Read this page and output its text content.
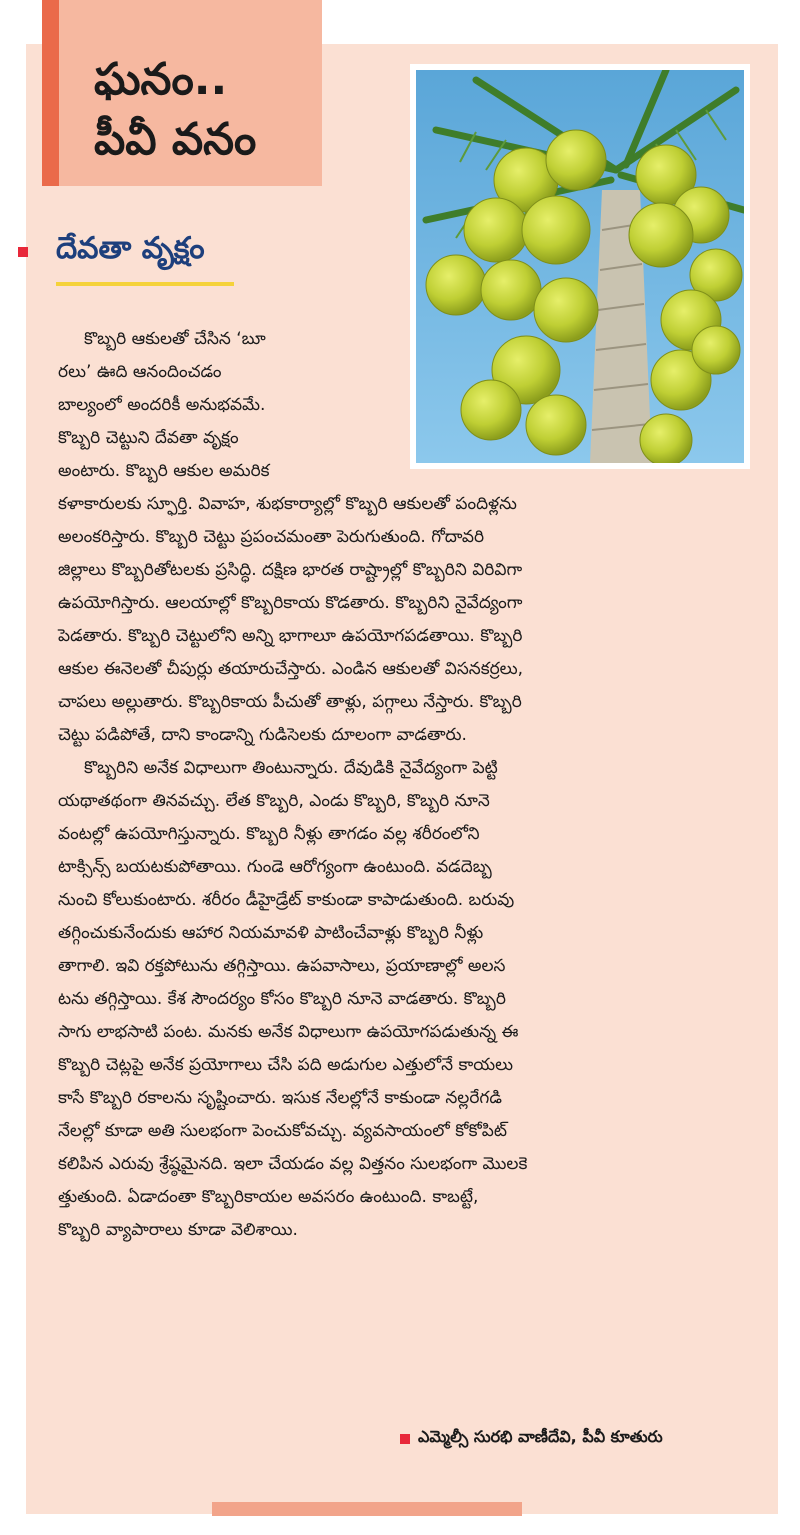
ఘనం..
పీవీ వనం
దేవతా వృక్షం
కొబ్బరి ఆకులతో చేసిన ‘బూ
రలు’ ఊది ఆనందించడం
బాల్యంలో అందరికీ అనుభవమే.
కొబ్బరి చెట్టుని దేవతా వృక్షం
అంటారు. కొబ్బరి ఆకుల అమరిక
కళాకారులకు స్ఫూర్తి. వివాహ, శుభకార్యాల్లో కొబ్బరి ఆకులతో పందిళ్లను
అలంకరిస్తారు. కొబ్బరి చెట్టు ప్రపంచమంతా పెరుగుతుంది. గోదావరి
జిల్లాలు కొబ్బరితోటలకు ప్రసిద్ధి. దక్షిణ భారత రాష్ట్రాల్లో కొబ్బరిని విరివిగా
ఉపయోగిస్తారు. ఆలయాల్లో కొబ్బరికాయ కొడతారు. కొబ్బరిని నైవేద్యంగా
పెడతారు. కొబ్బరి చెట్టులోని అన్ని భాగాలూ ఉపయోగపడతాయి. కొబ్బరి
ఆకుల ఈనెలతో చీపుర్లు తయారుచేస్తారు. ఎండిన ఆకులతో విసనకర్రలు,
చాపలు అల్లుతారు. కొబ్బరికాయ పీచుతో తాళ్లు, పగ్గాలు నేస్తారు. కొబ్బరి
చెట్టు పడిపోతే, దాని కాండాన్ని గుడిసెలకు దూలంగా వాడతారు.
కొబ్బరిని అనేక విధాలుగా తింటున్నారు. దేవుడికి నైవేద్యంగా పెట్టి
యథాతథంగా తినవచ్చు. లేత కొబ్బరి, ఎండు కొబ్బరి, కొబ్బరి నూనె
వంటల్లో ఉపయోగిస్తున్నారు. కొబ్బరి నీళ్లు తాగడం వల్ల శరీరంలోని
టాక్సిన్స్ బయటకుపోతాయి. గుండె ఆరోగ్యంగా ఉంటుంది. వడదెబ్బ
నుంచి కోలుకుంటారు. శరీరం డీహైడ్రేట్ కాకుండా కాపాడుతుంది. బరువు
తగ్గించుకునేందుకు ఆహార నియమావళి పాటించేవాళ్లు కొబ్బరి నీళ్లు
తాగాలి. ఇవి రక్తపోటును తగ్గిస్తాయి. ఉపవాసాలు, ప్రయాణాల్లో అలస
టను తగ్గిస్తాయి. కేశ సౌందర్యం కోసం కొబ్బరి నూనె వాడతారు. కొబ్బరి
సాగు లాభసాటి పంట. మనకు అనేక విధాలుగా ఉపయోగపడుతున్న ఈ
కొబ్బరి చెట్లపై అనేక ప్రయోగాలు చేసి పది అడుగుల ఎత్తులోనే కాయలు
కాసే కొబ్బరి రకాలను సృష్టించారు. ఇసుక నేలల్లోనే కాకుండా నల్లరేగడి
నేలల్లో కూడా అతి సులభంగా పెంచుకోవచ్చు. వ్యవసాయంలో కోకోపిట్
కలిపిన ఎరువు శ్రేష్ఠమైనది. ఇలా చేయడం వల్ల విత్తనం సులభంగా మొలకె
త్తుతుంది. ఏడాదంతా కొబ్బరికాయల అవసరం ఉంటుంది. కాబట్టే,
కొబ్బరి వ్యాపారాలు కూడా వెలిశాయి.
ఎమ్మెల్సీ సురభి వాణీదేవి, పీవీ కూతురు
